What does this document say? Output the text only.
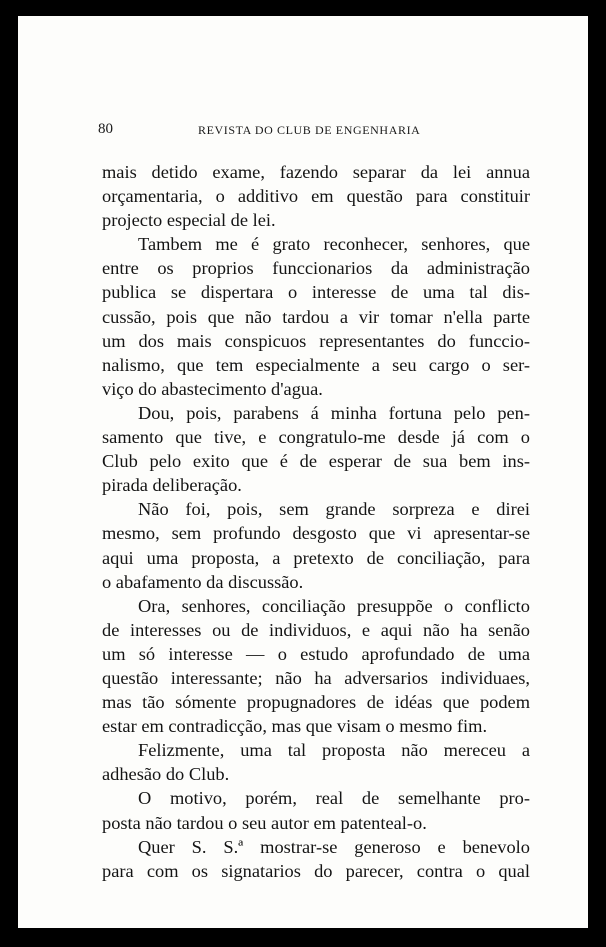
80	REVISTA DO CLUB DE ENGENHARIA
mais detido exame, fazendo separar da lei annua
orçamentaria, o additivo em questão para constituir
projecto especial de lei.
Tambem me é grato reconhecer, senhores, que
entre os proprios funccionarios da administração
publica se dispertara o interesse de uma tal dis-
cussão, pois que não tardou a vir tomar n'ella parte
um dos mais conspicuos representantes do funccio-
nalismo, que tem especialmente a seu cargo o ser-
viço do abastecimento d'agua.
Dou, pois, parabens á minha fortuna pelo pen-
samento que tive, e congratulo-me desde já com o
Club pelo exito que é de esperar de sua bem ins-
pirada deliberação.
Não foi, pois, sem grande sorpreza e direi
mesmo, sem profundo desgosto que vi apresentar-se
aqui uma proposta, a pretexto de conciliação, para
o abafamento da discussão.
Ora, senhores, conciliação presuppõe o conflicto
de interesses ou de individuos, e aqui não ha senão
um só interesse — o estudo aprofundado de uma
questão interessante; não ha adversarios individuaes,
mas tão sómente propugnadores de idéas que podem
estar em contradicção, mas que visam o mesmo fim.
Felizmente, uma tal proposta não mereceu a
adhesão do Club.
O motivo, porém, real de semelhante pro-
posta não tardou o seu autor em patenteal-o.
Quer S. S.ª mostrar-se generoso e benevolo
para com os signatarios do parecer, contra o qual
